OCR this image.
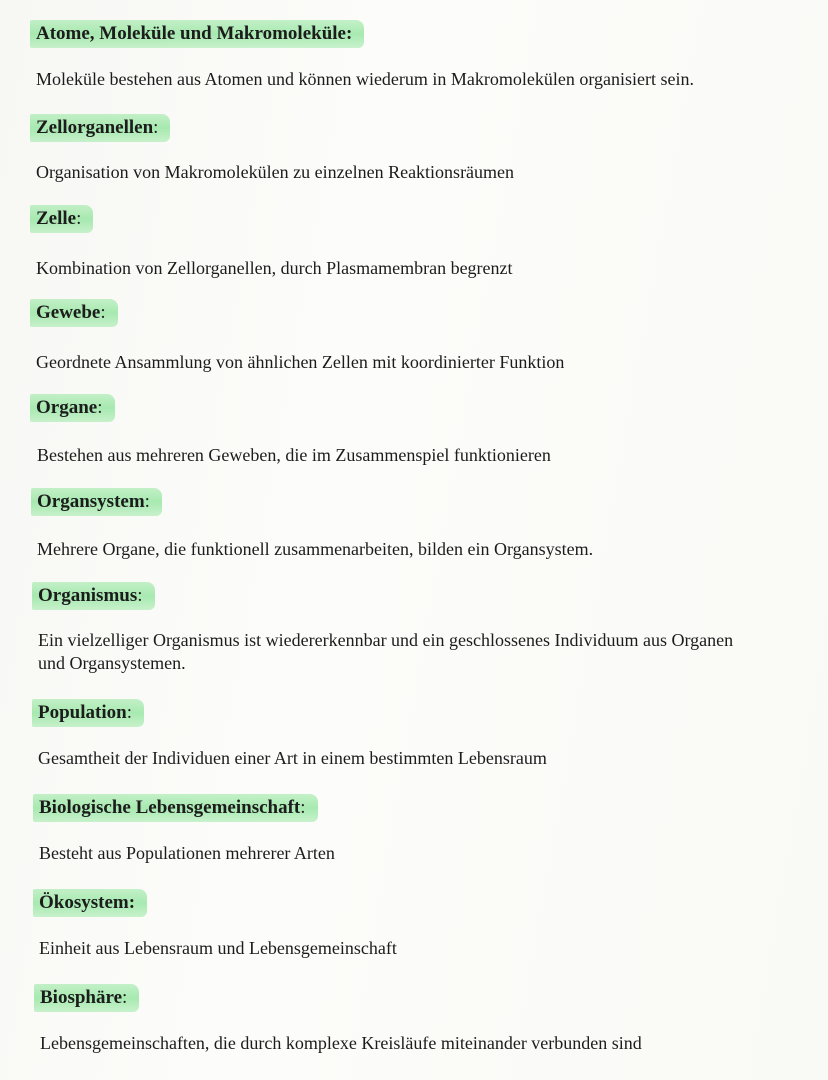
Atome, Moleküle und Makromoleküle:
Moleküle bestehen aus Atomen und können wiederum in Makromolekülen organisiert sein.
Zellorganellen:
Organisation von Makromolekülen zu einzelnen Reaktionsräumen
Zelle:
Kombination von Zellorganellen, durch Plasmamembran begrenzt
Gewebe:
Geordnete Ansammlung von ähnlichen Zellen mit koordinierter Funktion
Organe:
Bestehen aus mehreren Geweben, die im Zusammenspiel funktionieren
Organsystem:
Mehrere Organe, die funktionell zusammenarbeiten, bilden ein Organsystem.
Organismus:
Ein vielzelliger Organismus ist wiedererkennbar und ein geschlossenes Individuum aus Organen und Organsystemen.
Population:
Gesamtheit der Individuen einer Art in einem bestimmten Lebensraum
Biologische Lebensgemeinschaft:
Besteht aus Populationen mehrerer Arten
Ökosystem:
Einheit aus Lebensraum und Lebensgemeinschaft
Biosphäre:
Lebensgemeinschaften, die durch komplexe Kreisläufe miteinander verbunden sind
